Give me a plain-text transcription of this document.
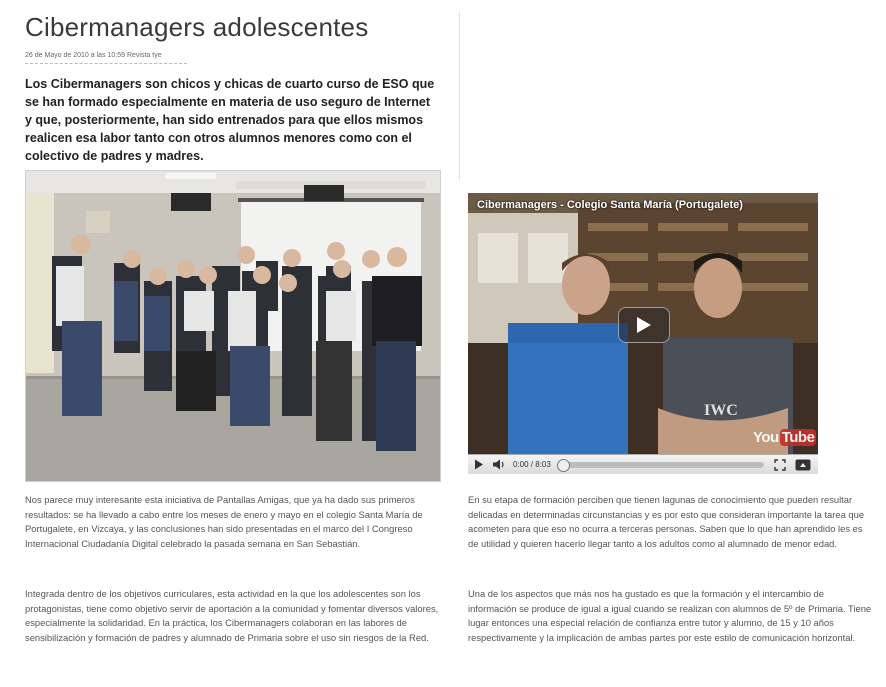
Cibermanagers adolescentes
26 de Mayo de 2010 a las 10:59 Revista tye

Los Cibermanagers son chicos y chicas de cuarto curso de ESO que se han formado especialmente en materia de uso seguro de Internet y que, posteriormente, han sido entrenados para que ellos mismos realicen esa labor tanto con otros alumnos menores como con el colectivo de padres y madres.

IWC
Cibermanagers - Colegio Santa María (Portugalete)
You Tube
0:00 / 8:03

Nos parece muy interesante esta iniciativa de Pantallas Amigas, que ya ha dado sus primeros resultados: se ha llevado a cabo entre los meses de enero y mayo en el colegio Santa María de Portugalete, en Vizcaya, y las conclusiones han sido presentadas en el marco del I Congreso Internacional Ciudadanía Digital celebrado la pasada semana en San Sebastián.

Integrada dentro de los objetivos curriculares, esta actividad en la que los adolescentes son los protagonistas, tiene como objetivo servir de aportación a la comunidad y fomentar diversos valores, especialmente la solidaridad. En la práctica, los Cibermanagers colaboran en las labores de sensibilización y formación de padres y alumnado de Primaria sobre el uso sin riesgos de la Red.

En su etapa de formación perciben que tienen lagunas de conocimiento que pueden resultar delicadas en determinadas circunstancias y es por esto que consideran importante la tarea que acometen para que eso no ocurra a terceras personas. Saben que lo que han aprendido les es de utilidad y quieren hacerlo llegar tanto a los adultos como al alumnado de menor edad.

Una de los aspectos que más nos ha gustado es que la formación y el intercambio de información se produce de igual a igual cuando se realizan con alumnos de 5º de Primaria. Tiene lugar entonces una especial relación de confianza entre tutor y alumno, de 15 y 10 años respectivamente y la implicación de ambas partes por este estilo de comunicación horizontal.
